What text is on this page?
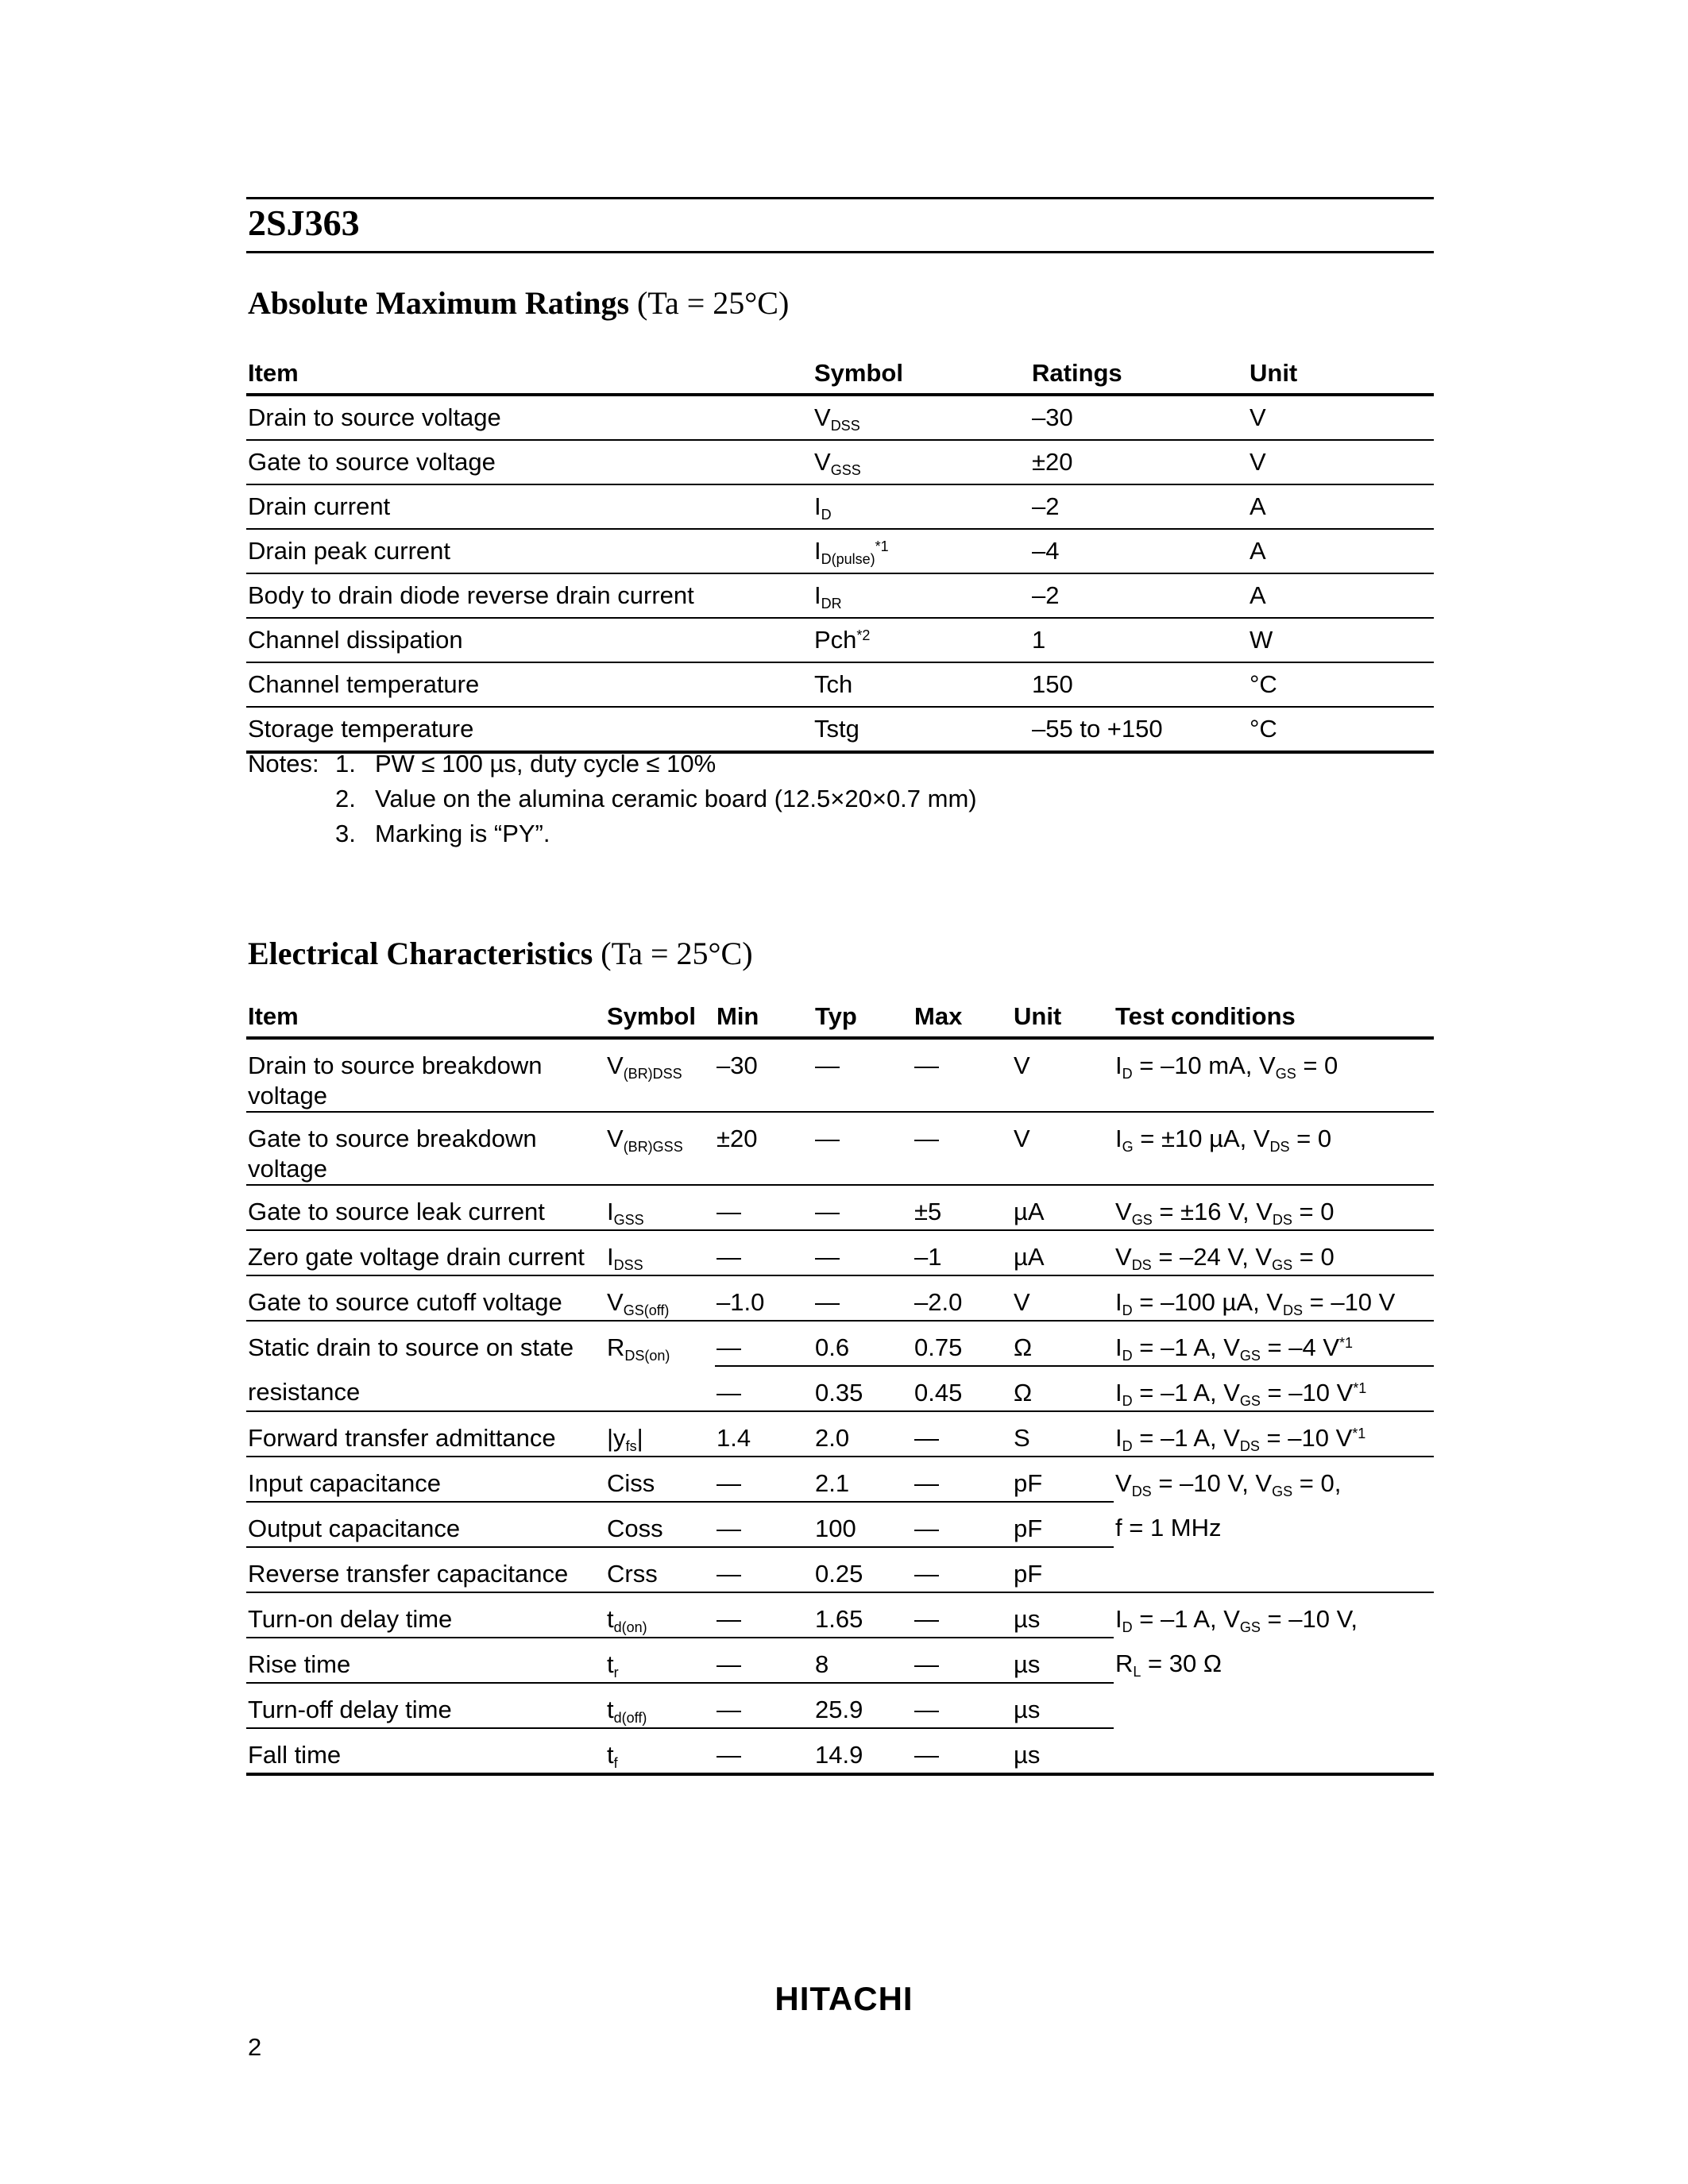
2SJ363
Absolute Maximum Ratings (Ta = 25°C)
Item	Symbol	Ratings	Unit
Drain to source voltage	$V_{DSS}$	–30	V
Gate to source voltage	$V_{GSS}$	±20	V
Drain current	$I_D$	–2	A
Drain peak current	$I_{D(pulse)}^{*1}$	–4	A
Body to drain diode reverse drain current	$I_{DR}$	–2	A
Channel dissipation	Pch$^{*2}$	1	W
Channel temperature	Tch	150	°C
Storage temperature	Tstg	–55 to +150	°C
Notes: 1. PW ≤ 100 µs, duty cycle ≤ 10%
2. Value on the alumina ceramic board (12.5×20×0.7 mm)
3. Marking is “PY”.
Electrical Characteristics (Ta = 25°C)
Item	Symbol	Min	Typ	Max	Unit	Test conditions
Drain to source breakdown
voltage	$V_{(BR)DSS}$	–30	—	—	V	$I_D = -10$ mA, $V_{GS} = 0$
Gate to source breakdown
voltage	$V_{(BR)GSS}$	±20	—	—	V	$I_G = \pm 10$ µA, $V_{DS} = 0$
Gate to source leak current	$I_{GSS}$	—	—	±5	µA	$V_{GS} = \pm 16$ V, $V_{DS} = 0$
Zero gate voltage drain current	$I_{DSS}$	—	—	–1	µA	$V_{DS} = -24$ V, $V_{GS} = 0$
Gate to source cutoff voltage	$V_{GS(off)}$	–1.0	—	–2.0	V	$I_D = -100$ µA, $V_{DS} = -10$ V
Static drain to source on state	$R_{DS(on)}$	—	0.6	0.75	Ω	$I_D = -1$ A, $V_{GS} = -4$ $V^{*1}$
resistance		—	0.35	0.45	Ω	$I_D = -1$ A, $V_{GS} = -10$ $V^{*1}$
Forward transfer admittance	$|y_{fs}|$	1.4	2.0	—	S	$I_D = -1$ A, $V_{DS} = -10$ $V^{*1}$
Input capacitance	Ciss	—	2.1	—	pF	$V_{DS} = -10$ V, $V_{GS} = 0$,
Output capacitance	Coss	—	100	—	pF	f = 1 MHz
Reverse transfer capacitance	Crss	—	0.25	—	pF	
Turn-on delay time	$t_{d(on)}$	—	1.65	—	µs	$I_D = -1$ A, $V_{GS} = -10$ V,
Rise time	$t_r$	—	8	—	µs	$R_L = 30$ Ω
Turn-off delay time	$t_{d(off)}$	—	25.9	—	µs	
Fall time	$t_f$	—	14.9	—	µs	
HITACHI
2
